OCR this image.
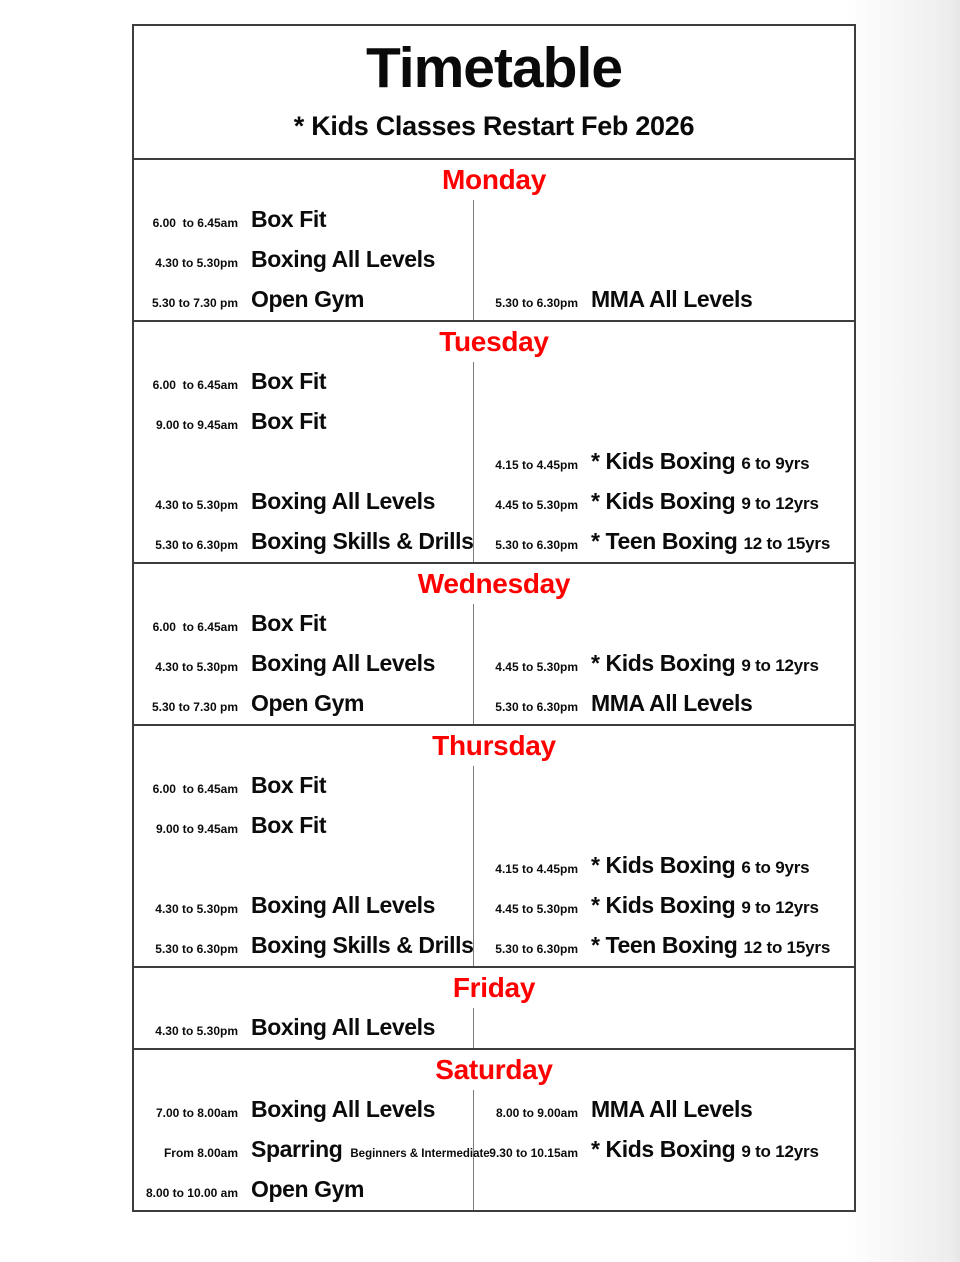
Timetable
* Kids Classes Restart Feb 2026
Monday
6.00  to 6.45am Box Fit
4.30 to 5.30pm Boxing All Levels
5.30 to 7.30 pm Open Gym	5.30 to 6.30pm MMA All Levels
Tuesday
6.00  to 6.45am Box Fit
9.00 to 9.45am Box Fit
4.30 to 5.30pm Boxing All Levels
5.30 to 6.30pm Boxing Skills & Drills
4.15 to 4.45pm * Kids Boxing 6 to 9yrs
4.45 to 5.30pm * Kids Boxing 9 to 12yrs
5.30 to 6.30pm * Teen Boxing 12 to 15yrs
Wednesday
6.00  to 6.45am Box Fit
4.30 to 5.30pm Boxing All Levels
5.30 to 7.30 pm Open Gym
4.45 to 5.30pm * Kids Boxing 9 to 12yrs
5.30 to 6.30pm MMA All Levels
Thursday
6.00  to 6.45am Box Fit
9.00 to 9.45am Box Fit
4.30 to 5.30pm Boxing All Levels
5.30 to 6.30pm Boxing Skills & Drills
4.15 to 4.45pm * Kids Boxing 6 to 9yrs
4.45 to 5.30pm * Kids Boxing 9 to 12yrs
5.30 to 6.30pm * Teen Boxing 12 to 15yrs
Friday
4.30 to 5.30pm Boxing All Levels
Saturday
7.00 to 8.00am Boxing All Levels
From 8.00am Sparring Beginners & Intermediate
8.00 to 10.00 am Open Gym
8.00 to 9.00am MMA All Levels
9.30 to 10.15am * Kids Boxing 9 to 12yrs
